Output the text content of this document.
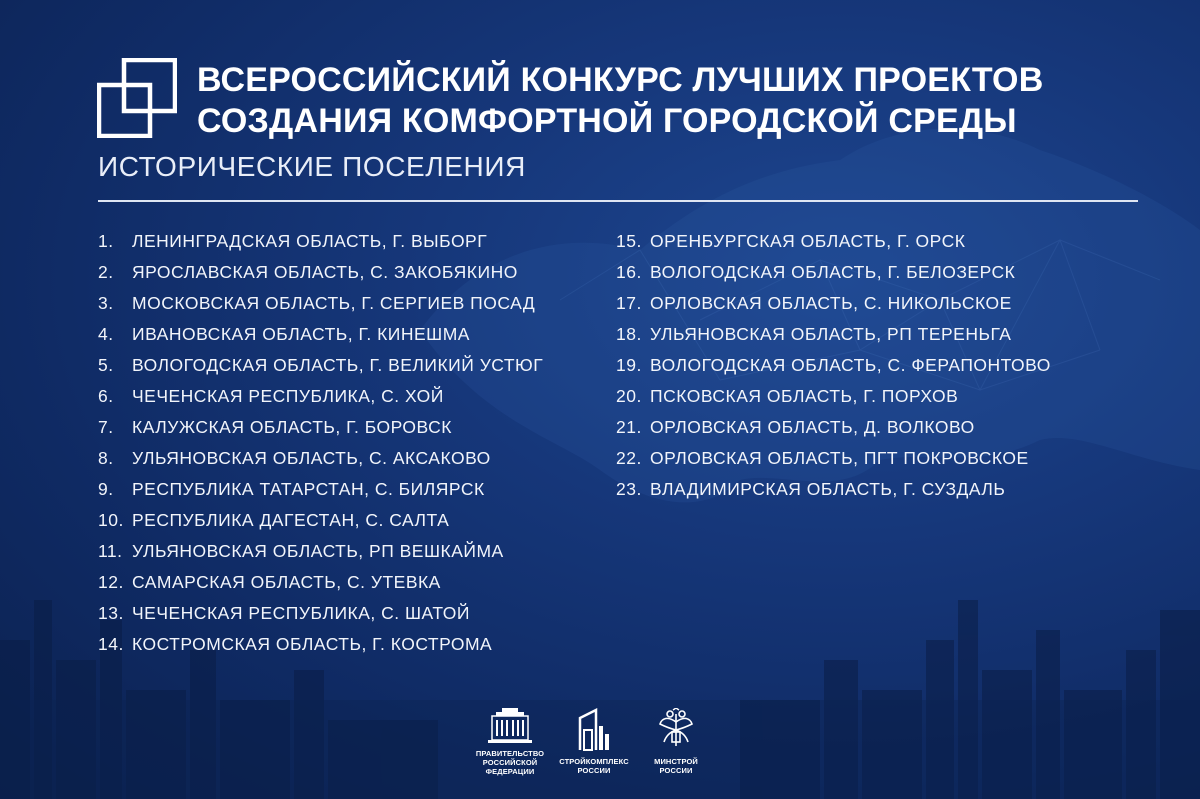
ВСЕРОССИЙСКИЙ КОНКУРС ЛУЧШИХ ПРОЕКТОВ
СОЗДАНИЯ КОМФОРТНОЙ ГОРОДСКОЙ СРЕДЫ
ИСТОРИЧЕСКИЕ ПОСЕЛЕНИЯ
1. ЛЕНИНГРАДСКАЯ ОБЛАСТЬ, Г. ВЫБОРГ
2. ЯРОСЛАВСКАЯ ОБЛАСТЬ, С. ЗАКОБЯКИНО
3. МОСКОВСКАЯ ОБЛАСТЬ, Г. СЕРГИЕВ ПОСАД
4. ИВАНОВСКАЯ ОБЛАСТЬ, Г. КИНЕШМА
5. ВОЛОГОДСКАЯ ОБЛАСТЬ, Г. ВЕЛИКИЙ УСТЮГ
6. ЧЕЧЕНСКАЯ РЕСПУБЛИКА, С. ХОЙ
7. КАЛУЖСКАЯ ОБЛАСТЬ, Г. БОРОВСК
8. УЛЬЯНОВСКАЯ ОБЛАСТЬ, С. АКСАКОВО
9. РЕСПУБЛИКА ТАТАРСТАН, С. БИЛЯРСК
10. РЕСПУБЛИКА ДАГЕСТАН, С. САЛТА
11. УЛЬЯНОВСКАЯ ОБЛАСТЬ, РП ВЕШКАЙМА
12. САМАРСКАЯ ОБЛАСТЬ, С. УТЕВКА
13. ЧЕЧЕНСКАЯ РЕСПУБЛИКА, С. ШАТОЙ
14. КОСТРОМСКАЯ ОБЛАСТЬ, Г. КОСТРОМА
15. ОРЕНБУРГСКАЯ ОБЛАСТЬ, Г. ОРСК
16. ВОЛОГОДСКАЯ ОБЛАСТЬ, Г. БЕЛОЗЕРСК
17. ОРЛОВСКАЯ ОБЛАСТЬ, С. НИКОЛЬСКОЕ
18. УЛЬЯНОВСКАЯ ОБЛАСТЬ, РП ТЕРЕНЬГА
19. ВОЛОГОДСКАЯ ОБЛАСТЬ, С. ФЕРАПОНТОВО
20. ПСКОВСКАЯ ОБЛАСТЬ, Г. ПОРХОВ
21. ОРЛОВСКАЯ ОБЛАСТЬ, Д. ВОЛКОВО
22. ОРЛОВСКАЯ ОБЛАСТЬ, ПГТ ПОКРОВСКОЕ
23. ВЛАДИМИРСКАЯ ОБЛАСТЬ, Г. СУЗДАЛЬ
ПРАВИТЕЛЬСТВО
РОССИЙСКОЙ
ФЕДЕРАЦИИ
СТРОЙКОМПЛЕКС
РОССИИ
МИНСТРОЙ
РОССИИ
